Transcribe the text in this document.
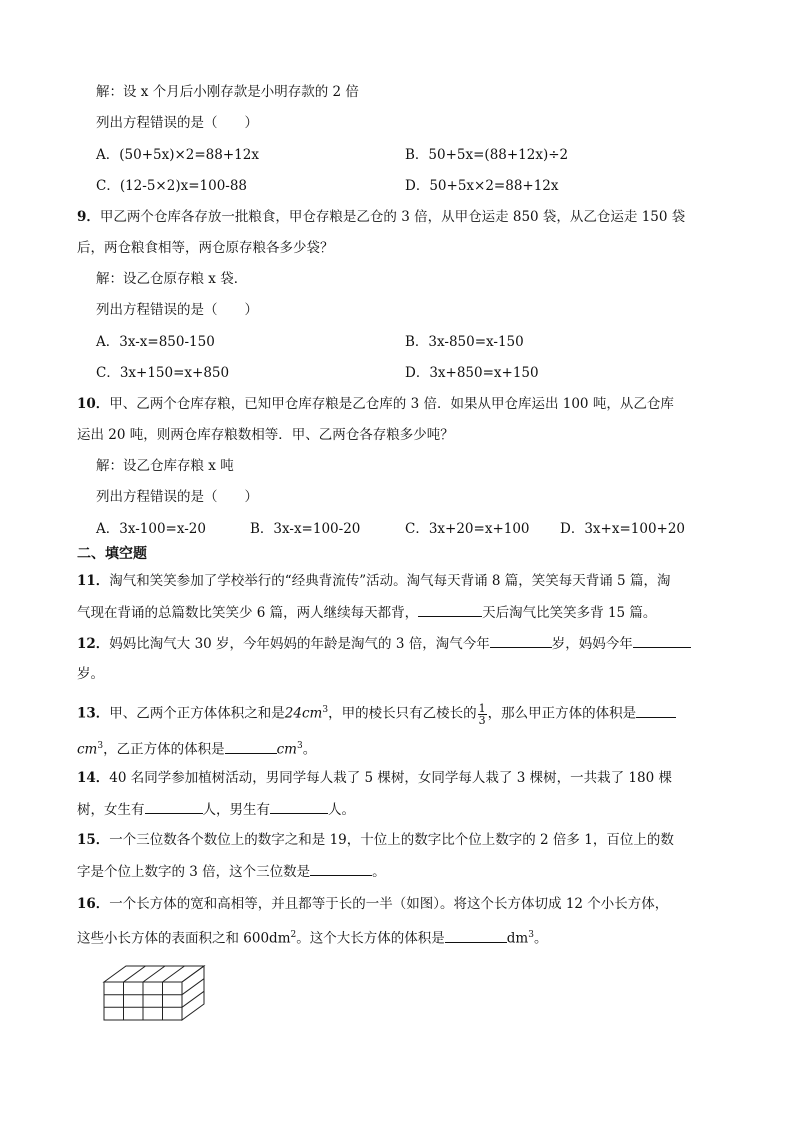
解：设 x 个月后小刚存款是小明存款的 2 倍
列出方程错误的是（　　）
A．(50+5x)×2=88+12x	B．50+5x=(88+12x)÷2
C．(12-5×2)x=100-88	D．50+5x×2=88+12x
9．甲乙两个仓库各存放一批粮食，甲仓存粮是乙仓的 3 倍，从甲仓运走 850 袋，从乙仓运走 150 袋
后，两仓粮食相等，两仓原存粮各多少袋？
解：设乙仓原存粮 x 袋．
列出方程错误的是（　　）
A．3x-x=850-150	B．3x-850=x-150
C．3x+150=x+850	D．3x+850=x+150
10．甲、乙两个仓库存粮，已知甲仓库存粮是乙仓库的 3 倍．如果从甲仓库运出 100 吨，从乙仓库
运出 20 吨，则两仓库存粮数相等．甲、乙两仓各存粮多少吨？
解：设乙仓库存粮 x 吨
列出方程错误的是（　　）
A．3x-100=x-20	B．3x-x=100-20	C．3x+20=x+100 D．3x+x=100+20
二、填空题
11．淘气和笑笑参加了学校举行的“经典背流传”活动。淘气每天背诵 8 篇，笑笑每天背诵 5 篇，淘
气现在背诵的总篇数比笑笑少 6 篇，两人继续每天都背，	天后淘气比笑笑多背 15 篇。
12．妈妈比淘气大 30 岁，今年妈妈的年龄是淘气的 3 倍，淘气今年	岁，妈妈今年
岁。
13．甲、乙两个正方体体积之和是$24cm^3$，甲的棱长只有乙棱长的 $\frac{1}{3}$ ，那么甲正方体的体积是
$cm^3$，乙正方体的体积是	$cm^3$。
14．40 名同学参加植树活动，男同学每人栽了 5 棵树，女同学每人栽了 3 棵树，一共栽了 180 棵
树，女生有	人，男生有	人。
15．一个三位数各个数位上的数字之和是 19，十位上的数字比个位上数字的 2 倍多 1，百位上的数
字是个位上数字的 3 倍，这个三位数是	。
16．一个长方体的宽和高相等，并且都等于长的一半（如图）。将这个长方体切成 12 个小长方体，
这些小长方体的表面积之和 $600dm^2$。这个大长方体的体积是	$dm^3$。
